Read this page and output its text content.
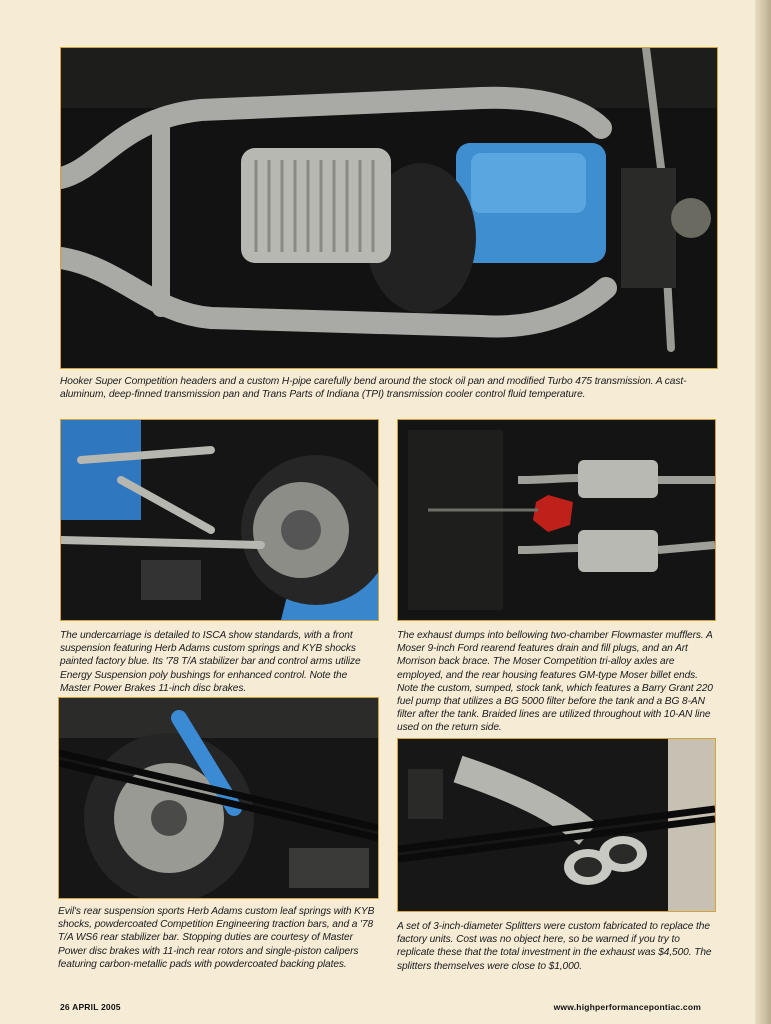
Hooker Super Competition headers and a custom H-pipe carefully bend around the stock oil pan and modified Turbo 475 transmission. A cast-aluminum, deep-finned transmission pan and Trans Parts of Indiana (TPI) transmission cooler control fluid temperature.

The undercarriage is detailed to ISCA show standards, with a front suspension featuring Herb Adams custom springs and KYB shocks painted factory blue. Its '78 T/A stabilizer bar and control arms utilize Energy Suspension poly bushings for enhanced control. Note the Master Power Brakes 11-inch disc brakes.

The exhaust dumps into bellowing two-chamber Flowmaster mufflers. A Moser 9-inch Ford rearend features drain and fill plugs, and an Art Morrison back brace. The Moser Competition tri-alloy axles are employed, and the rear housing features GM-type Moser billet ends. Note the custom, sumped, stock tank, which features a Barry Grant 220 fuel pump that utilizes a BG 5000 filter before the tank and a BG 8-AN filter after the tank. Braided lines are utilized throughout with 10-AN line used on the return side.

Evil's rear suspension sports Herb Adams custom leaf springs with KYB shocks, powdercoated Competition Engineering traction bars, and a '78 T/A WS6 rear stabilizer bar. Stopping duties are courtesy of Master Power disc brakes with 11-inch rear rotors and single-piston calipers featuring carbon-metallic pads with powdercoated backing plates.

A set of 3-inch-diameter Splitters were custom fabricated to replace the factory units. Cost was no object here, so be warned if you try to replicate these that the total investment in the exhaust was $4,500. The splitters themselves were close to $1,000.

26 APRIL 2005	www.highperformancepontiac.com
